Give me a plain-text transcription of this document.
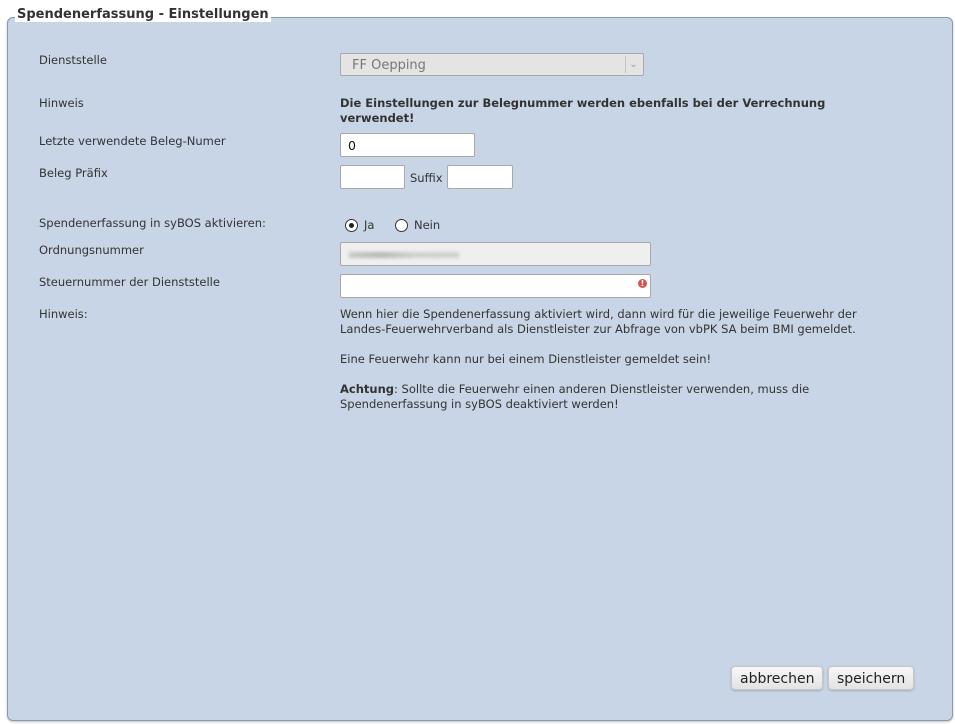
Spendenerfassung - Einstellungen
Dienststelle	FF Oepping	⌄
Hinweis	Die Einstellungen zur Belegnummer werden ebenfalls bei der Verrechnung verwendet!
Letzte verwendete Beleg-Numer	0
Beleg Präfix	Suffix
Spendenerfassung in syBOS aktivieren:	Ja	Nein
Ordnungsnummer
Steuernummer der Dienststelle	!
Hinweis:	Wenn hier die Spendenerfassung aktiviert wird, dann wird für die jeweilige Feuerwehr der Landes-Feuerwehrverband als Dienstleister zur Abfrage von vbPK SA beim BMI gemeldet.

Eine Feuerwehr kann nur bei einem Dienstleister gemeldet sein!

Achtung: Sollte die Feuerwehr einen anderen Dienstleister verwenden, muss die Spendenerfassung in syBOS deaktiviert werden!

abbrechen	speichern
